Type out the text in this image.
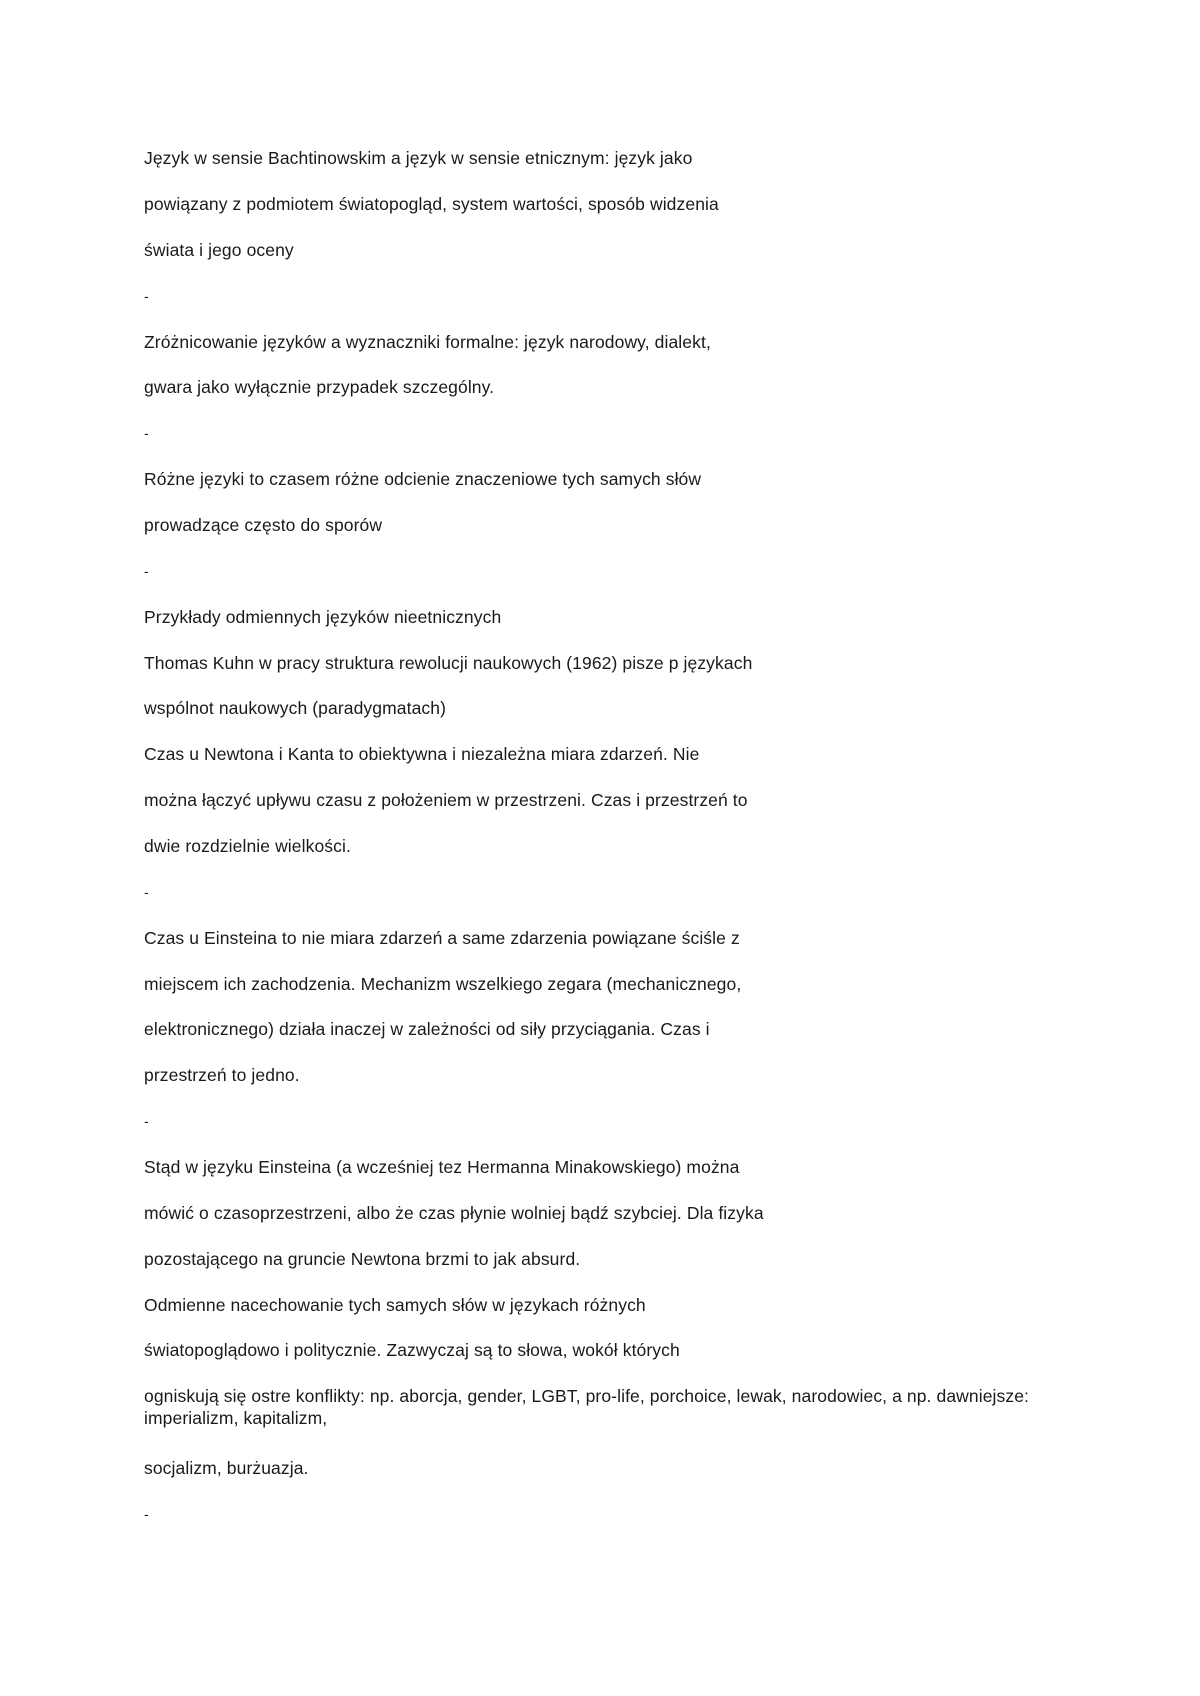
Język w sensie Bachtinowskim a język w sensie etnicznym: język jako
powiązany z podmiotem światopogląd, system wartości, sposób widzenia
świata i jego oceny
-
Zróżnicowanie języków a wyznaczniki formalne: język narodowy, dialekt,
gwara jako wyłącznie przypadek szczególny.
-
Różne języki to czasem różne odcienie znaczeniowe tych samych słów
prowadzące często do sporów
-
Przykłady odmiennych języków nieetnicznych
Thomas Kuhn w pracy struktura rewolucji naukowych (1962) pisze p językach
wspólnot naukowych (paradygmatach)
Czas u Newtona i Kanta to obiektywna i niezależna miara zdarzeń. Nie
można łączyć upływu czasu z położeniem w przestrzeni. Czas i przestrzeń to
dwie rozdzielnie wielkości.
-
Czas u Einsteina to nie miara zdarzeń a same zdarzenia powiązane ściśle z
miejscem ich zachodzenia. Mechanizm wszelkiego zegara (mechanicznego,
elektronicznego) działa inaczej w zależności od siły przyciągania. Czas i
przestrzeń to jedno.
-
Stąd w języku Einsteina (a wcześniej tez Hermanna Minakowskiego) można
mówić o czasoprzestrzeni, albo że czas płynie wolniej bądź szybciej. Dla fizyka
pozostającego na gruncie Newtona brzmi to jak absurd.
Odmienne nacechowanie tych samych słów w językach różnych
światopoglądowo i politycznie. Zazwyczaj są to słowa, wokół których
ogniskują się ostre konflikty: np. aborcja, gender, LGBT, pro-life, porchoice, lewak, narodowiec, a np. dawniejsze: imperializm, kapitalizm,
socjalizm, burżuazja.
-
